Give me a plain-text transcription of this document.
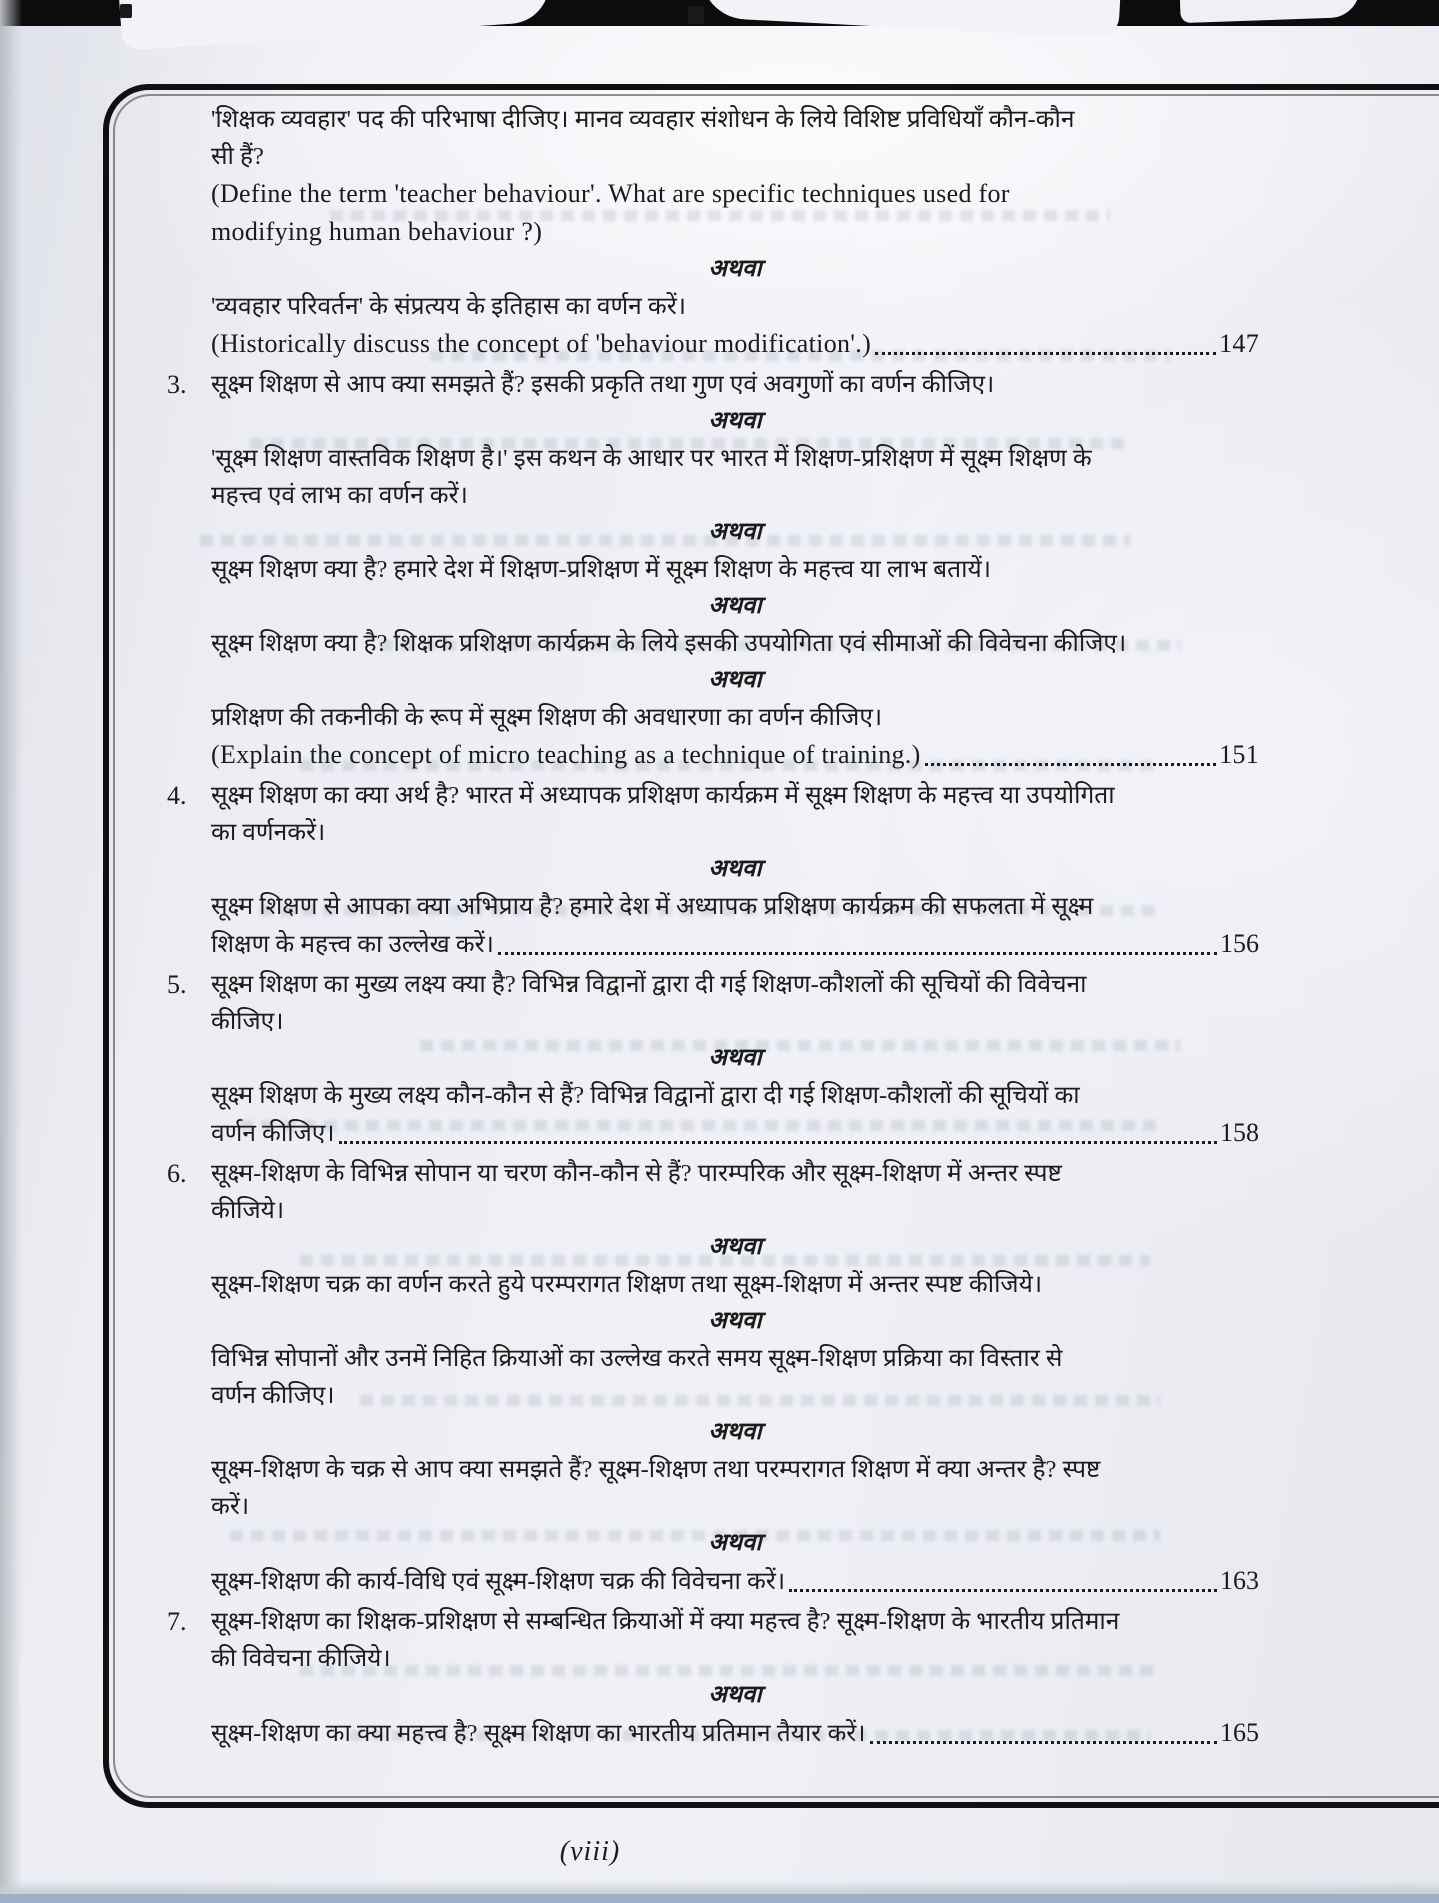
'शिक्षक व्यवहार' पद की परिभाषा दीजिए। मानव व्यवहार संशोधन के लिये विशिष्ट प्रविधियाँ कौन-कौन
सी हैं?
(Define the term 'teacher behaviour'. What are specific techniques used for
modifying human behaviour ?)
अथवा
'व्यवहार परिवर्तन' के संप्रत्यय के इतिहास का वर्णन करें।
(Historically discuss the concept of 'behaviour modification'.)	147
3.	सूक्ष्म शिक्षण से आप क्या समझते हैं? इसकी प्रकृति तथा गुण एवं अवगुणों का वर्णन कीजिए।
अथवा
'सूक्ष्म शिक्षण वास्तविक शिक्षण है।' इस कथन के आधार पर भारत में शिक्षण-प्रशिक्षण में सूक्ष्म शिक्षण के
महत्त्व एवं लाभ का वर्णन करें।
अथवा
सूक्ष्म शिक्षण क्या है? हमारे देश में शिक्षण-प्रशिक्षण में सूक्ष्म शिक्षण के महत्त्व या लाभ बतायें।
अथवा
सूक्ष्म शिक्षण क्या है? शिक्षक प्रशिक्षण कार्यक्रम के लिये इसकी उपयोगिता एवं सीमाओं की विवेचना कीजिए।
अथवा
प्रशिक्षण की तकनीकी के रूप में सूक्ष्म शिक्षण की अवधारणा का वर्णन कीजिए।
(Explain the concept of micro teaching as a technique of training.)	151
4.	सूक्ष्म शिक्षण का क्या अर्थ है? भारत में अध्यापक प्रशिक्षण कार्यक्रम में सूक्ष्म शिक्षण के महत्त्व या उपयोगिता
का वर्णनकरें।
अथवा
सूक्ष्म शिक्षण से आपका क्या अभिप्राय है? हमारे देश में अध्यापक प्रशिक्षण कार्यक्रम की सफलता में सूक्ष्म
शिक्षण के महत्त्व का उल्लेख करें।	156
5.	सूक्ष्म शिक्षण का मुख्य लक्ष्य क्या है? विभिन्न विद्वानों द्वारा दी गई शिक्षण-कौशलों की सूचियों की विवेचना
कीजिए।
अथवा
सूक्ष्म शिक्षण के मुख्य लक्ष्य कौन-कौन से हैं? विभिन्न विद्वानों द्वारा दी गई शिक्षण-कौशलों की सूचियों का
वर्णन कीजिए।	158
6.	सूक्ष्म-शिक्षण के विभिन्न सोपान या चरण कौन-कौन से हैं? पारम्परिक और सूक्ष्म-शिक्षण में अन्तर स्पष्ट
कीजिये।
अथवा
सूक्ष्म-शिक्षण चक्र का वर्णन करते हुये परम्परागत शिक्षण तथा सूक्ष्म-शिक्षण में अन्तर स्पष्ट कीजिये।
अथवा
विभिन्न सोपानों और उनमें निहित क्रियाओं का उल्लेख करते समय सूक्ष्म-शिक्षण प्रक्रिया का विस्तार से
वर्णन कीजिए।
अथवा
सूक्ष्म-शिक्षण के चक्र से आप क्या समझते हैं? सूक्ष्म-शिक्षण तथा परम्परागत शिक्षण में क्या अन्तर है? स्पष्ट
करें।
अथवा
सूक्ष्म-शिक्षण की कार्य-विधि एवं सूक्ष्म-शिक्षण चक्र की विवेचना करें।	163
7.	सूक्ष्म-शिक्षण का शिक्षक-प्रशिक्षण से सम्बन्धित क्रियाओं में क्या महत्त्व है? सूक्ष्म-शिक्षण के भारतीय प्रतिमान
की विवेचना कीजिये।
अथवा
सूक्ष्म-शिक्षण का क्या महत्त्व है? सूक्ष्म शिक्षण का भारतीय प्रतिमान तैयार करें।	165
(viii)
